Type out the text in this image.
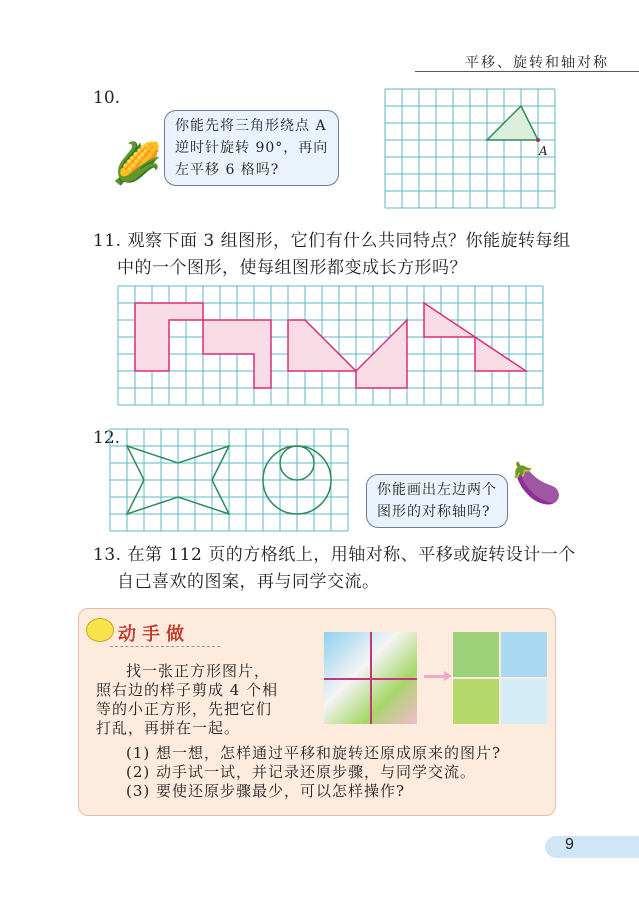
平移、旋转和轴对称
10.
🌽
你能先将三角形绕点 A
逆时针旋转 90°，再向
左平移 6 格吗?
A
11. 观察下面 3 组图形，它们有什么共同特点？你能旋转每组
中的一个图形，使每组图形都变成长方形吗？
12.
你能画出左边两个
图形的对称轴吗?
🍆
13. 在第 112 页的方格纸上，用轴对称、平移或旋转设计一个
自己喜欢的图案，再与同学交流。
动手做
找一张正方形图片，
照右边的样子剪成 4 个相
等的小正方形，先把它们
打乱，再拼在一起。
(1) 想一想，怎样通过平移和旋转还原成原来的图片?
(2) 动手试一试，并记录还原步骤，与同学交流。
(3) 要使还原步骤最少，可以怎样操作?
9
